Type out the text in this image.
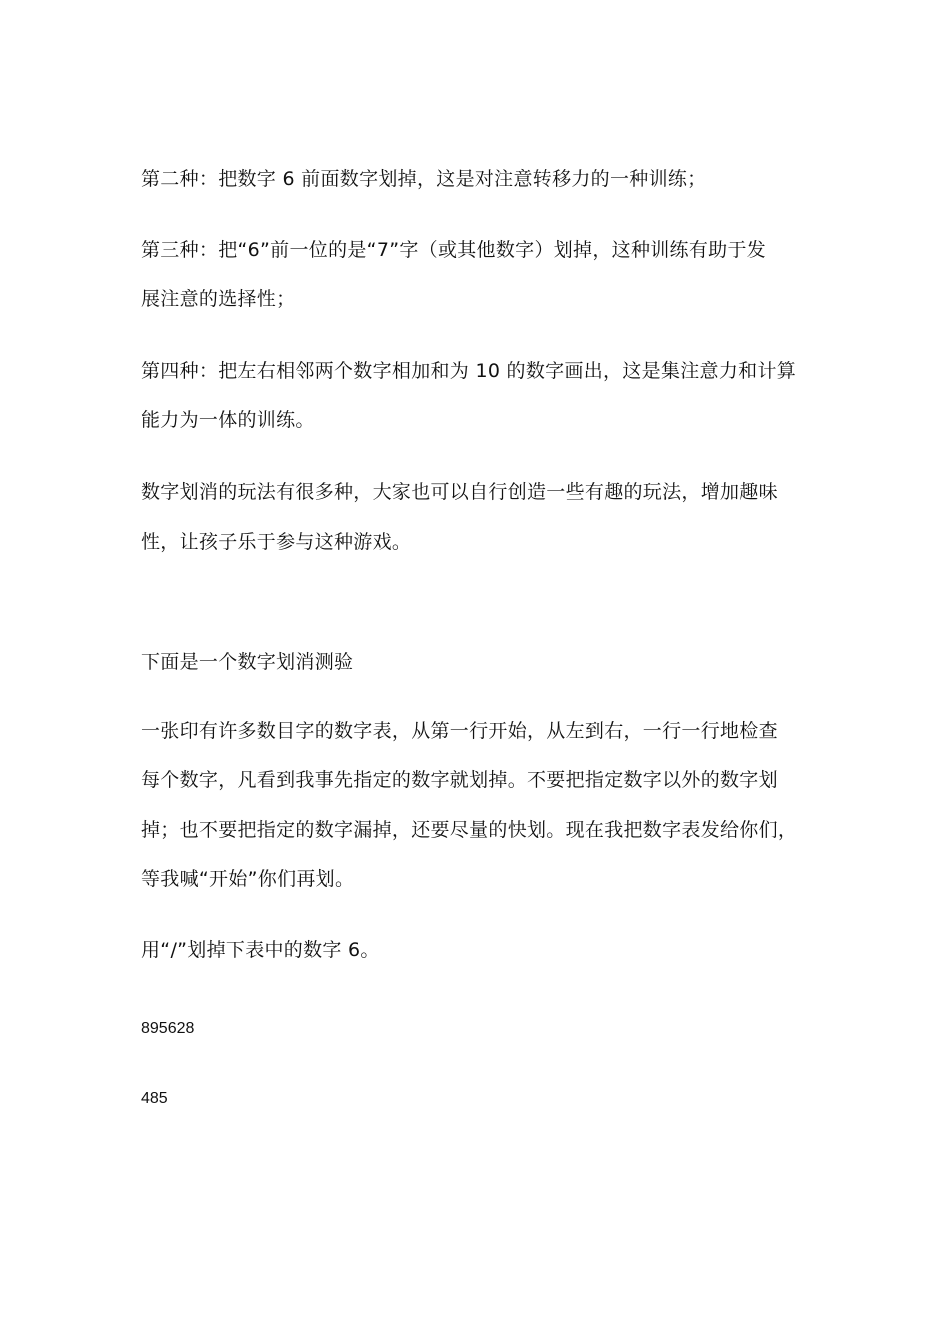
第二种：把数字 6 前面数字划掉，这是对注意转移力的一种训练；
第三种：把“6”前一位的是“7”字（或其他数字）划掉，这种训练有助于发
展注意的选择性；
第四种：把左右相邻两个数字相加和为 10 的数字画出，这是集注意力和计算
能力为一体的训练。
数字划消的玩法有很多种，大家也可以自行创造一些有趣的玩法，增加趣味
性，让孩子乐于参与这种游戏。
下面是一个数字划消测验
一张印有许多数目字的数字表，从第一行开始，从左到右，一行一行地检查
每个数字，凡看到我事先指定的数字就划掉。不要把指定数字以外的数字划
掉；也不要把指定的数字漏掉，还要尽量的快划。现在我把数字表发给你们，
等我喊“开始”你们再划。
用“/”划掉下表中的数字 6。
895628
485
